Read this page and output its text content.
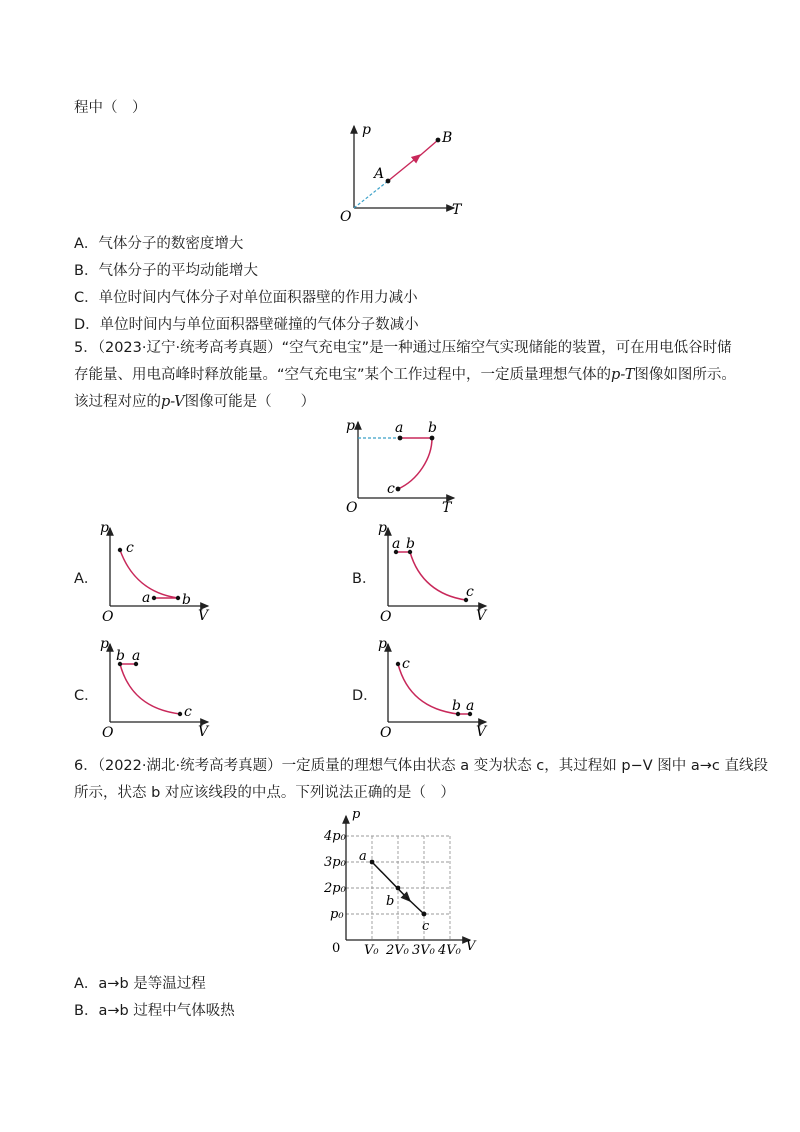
程中（　）
p
T
O
A
B
A．气体分子的数密度增大
B．气体分子的平均动能增大
C．单位时间内气体分子对单位面积器壁的作用力减小
D．单位时间内与单位面积器壁碰撞的气体分子数减小
5．（2023·辽宁·统考高考真题）“空气充电宝”是一种通过压缩空气实现储能的装置，可在用电低谷时储
存能量、用电高峰时释放能量。“空气充电宝”某个工作过程中，一定质量理想气体的p-T图像如图所示。
该过程对应的p-V图像可能是（　　）
p
T
O
a b
c
A．
p
V
O
c
a b
B．
p
V
O
a b
c
C．
p
V
O
b a
c
D．
p
V
O
c
b a
6．（2022·湖北·统考高考真题）一定质量的理想气体由状态 a 变为状态 c，其过程如 p−V 图中 a→c 直线段
所示，状态 b 对应该线段的中点。下列说法正确的是（　）
p
V
0
4p₀
3p₀
2p₀
p₀
V₀ 2V₀ 3V₀ 4V₀
a
b
c
A．a→b 是等温过程
B．a→b 过程中气体吸热
